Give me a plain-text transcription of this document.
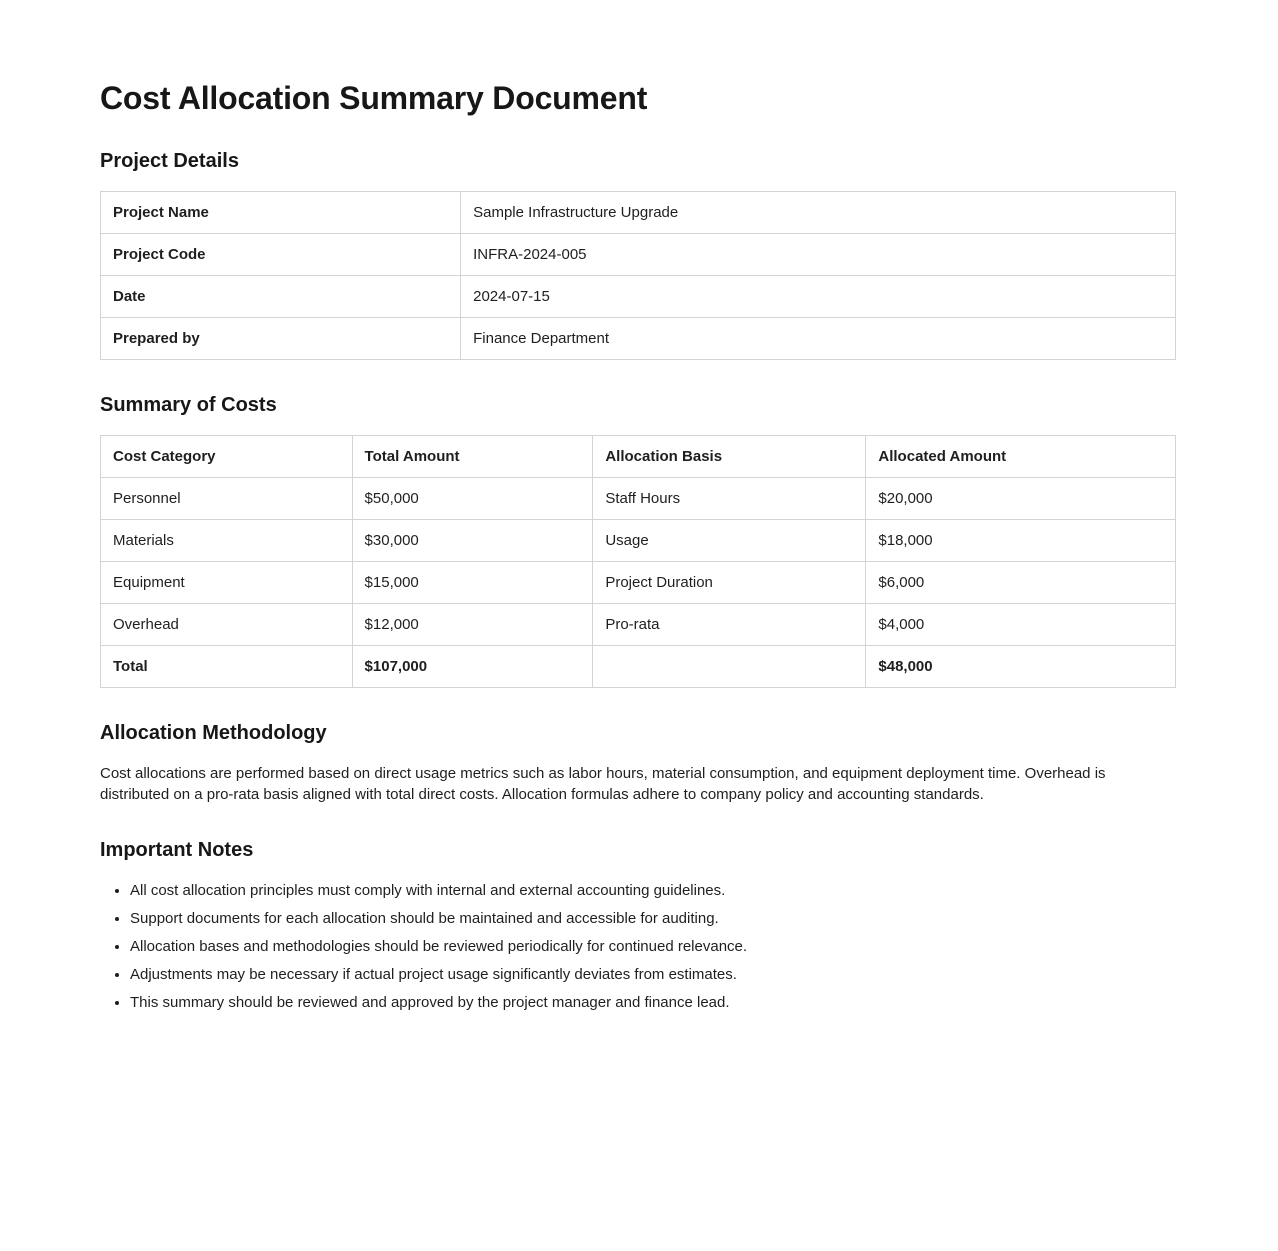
Cost Allocation Summary Document
Project Details
Project Name	Sample Infrastructure Upgrade
Project Code	INFRA-2024-005
Date	2024-07-15
Prepared by	Finance Department
Summary of Costs
Cost Category	Total Amount	Allocation Basis	Allocated Amount
Personnel	$50,000	Staff Hours	$20,000
Materials	$30,000	Usage	$18,000
Equipment	$15,000	Project Duration	$6,000
Overhead	$12,000	Pro-rata	$4,000
Total	$107,000		$48,000
Allocation Methodology

Cost allocations are performed based on direct usage metrics such as labor hours, material consumption, and equipment deployment time. Overhead is distributed on a pro-rata basis aligned with total direct costs. Allocation formulas adhere to company policy and accounting standards.

Important Notes
• All cost allocation principles must comply with internal and external accounting guidelines.
• Support documents for each allocation should be maintained and accessible for auditing.
• Allocation bases and methodologies should be reviewed periodically for continued relevance.
• Adjustments may be necessary if actual project usage significantly deviates from estimates.
• This summary should be reviewed and approved by the project manager and finance lead.
